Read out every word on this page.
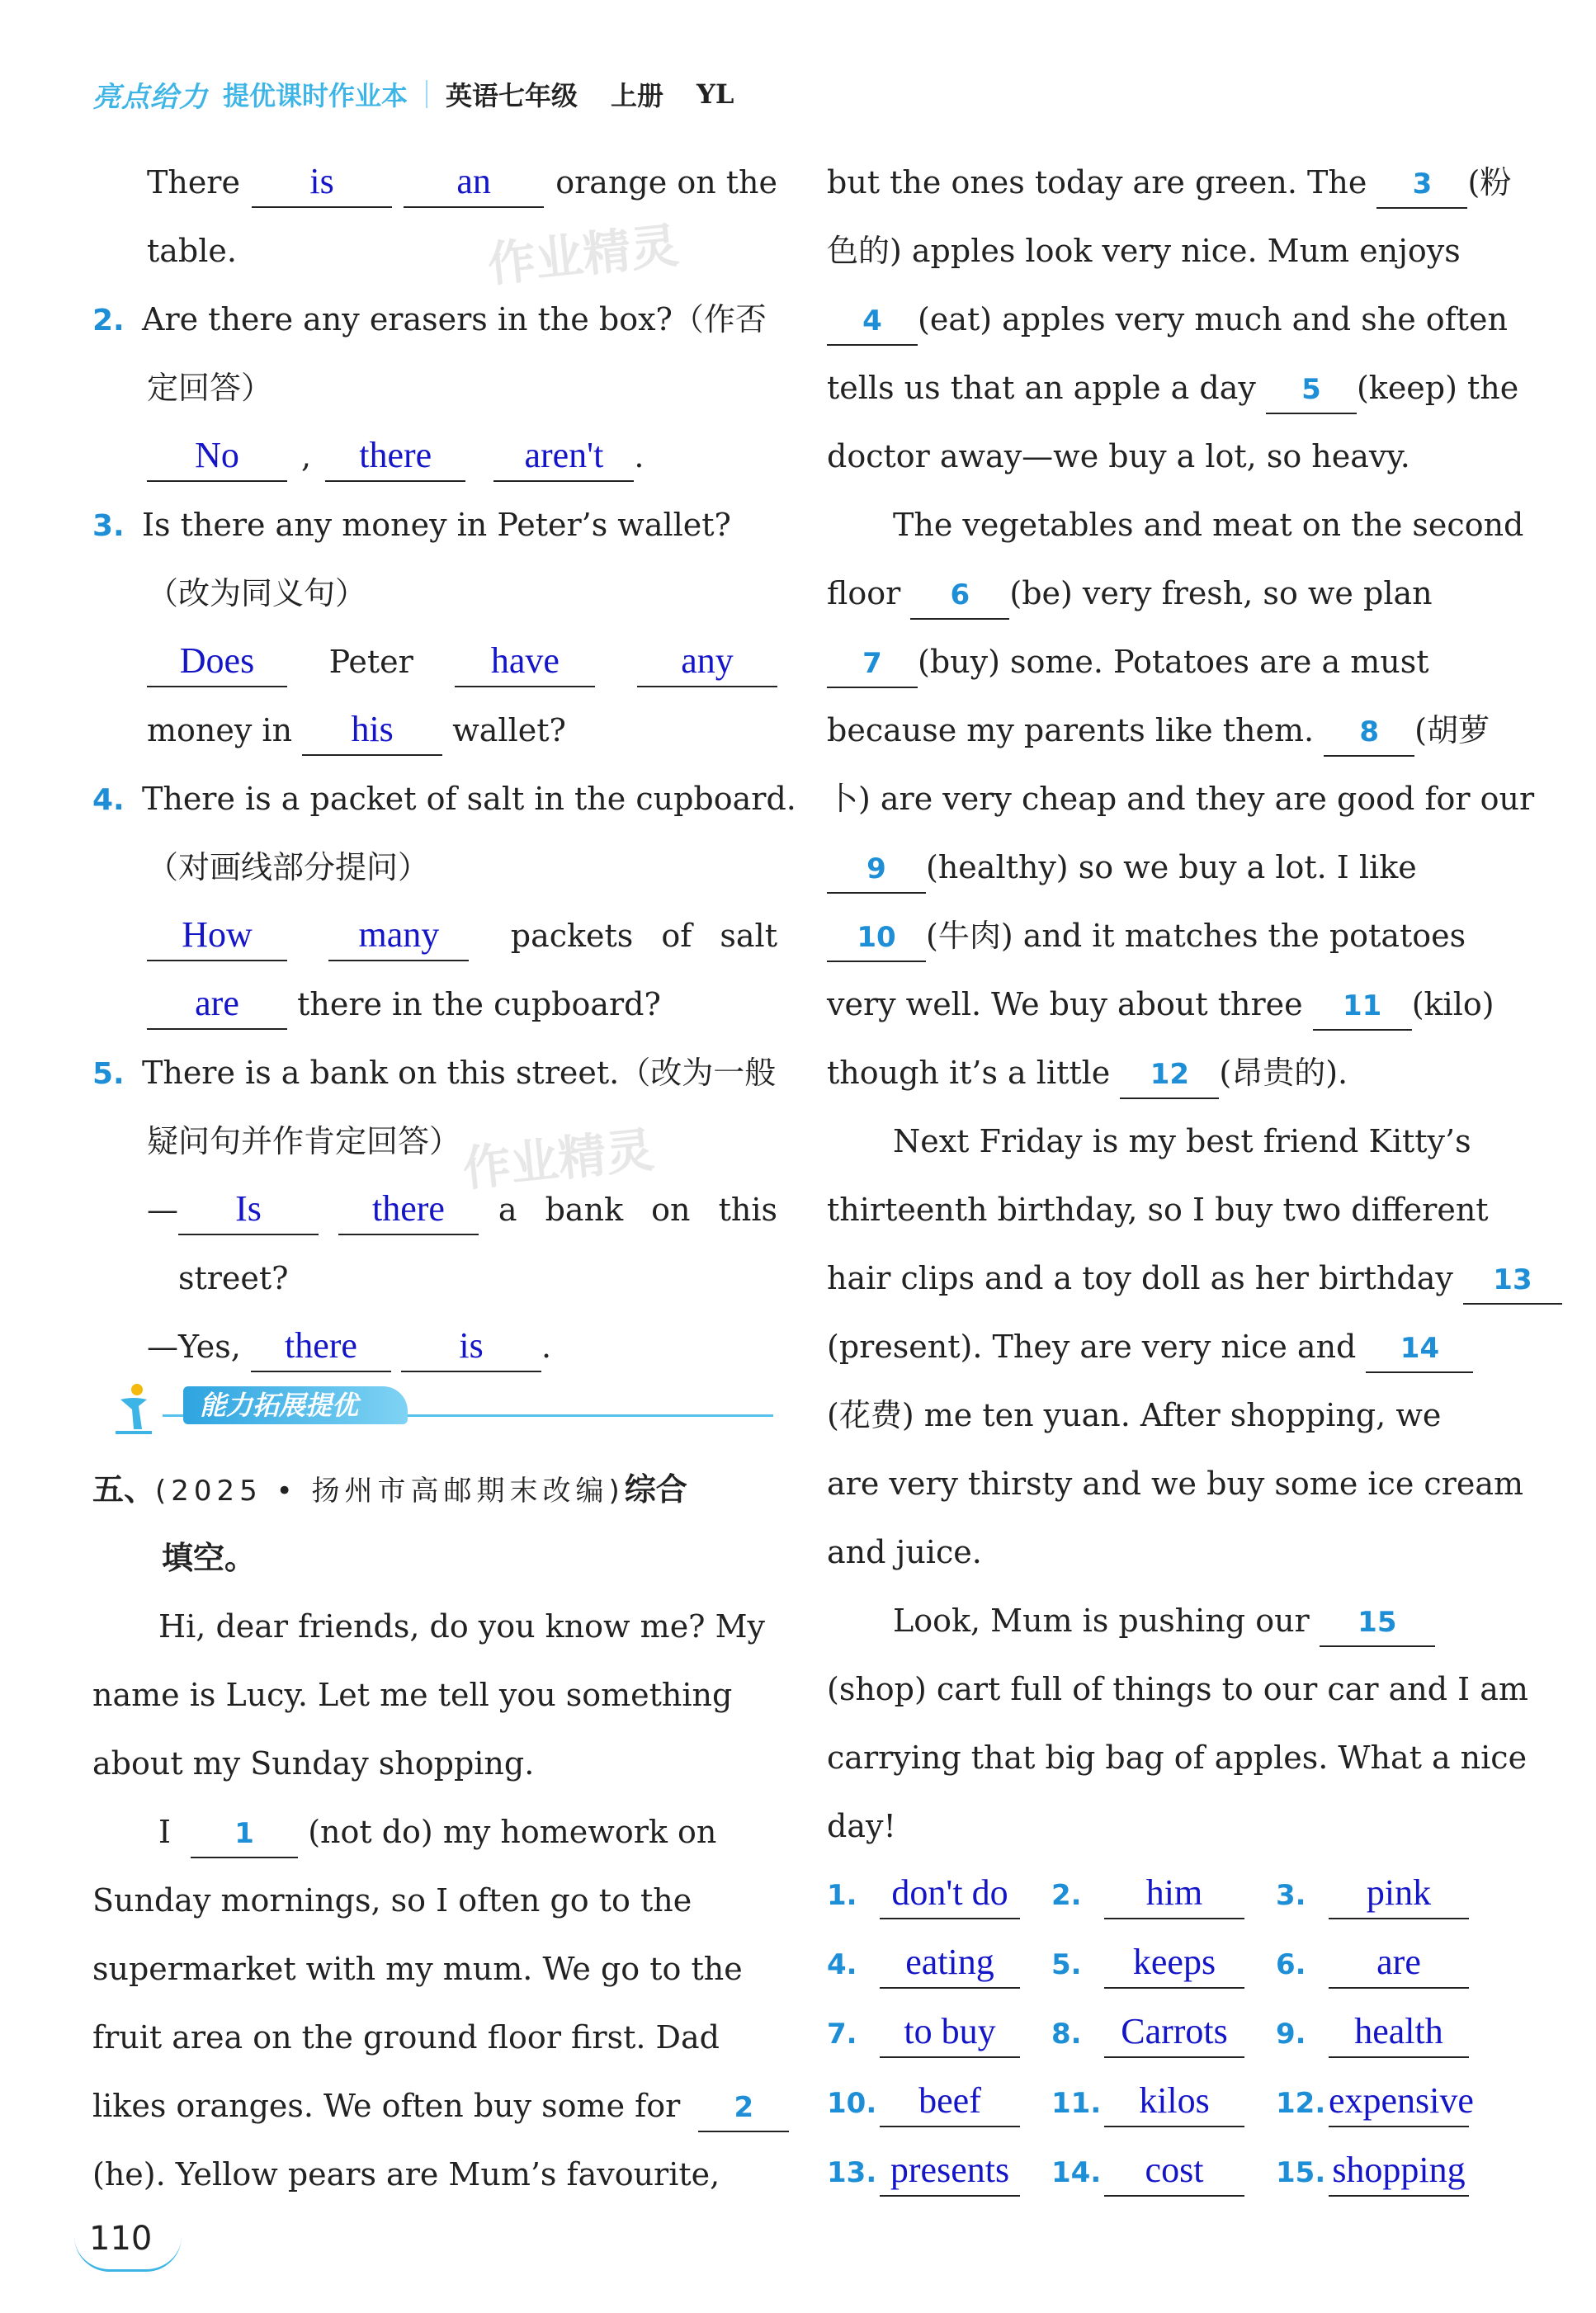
亮点给力 提优课时作业本 英语七年级 上册 YL
作业精灵
作业精灵
There	is	an	orange on the
table.
2. Are there any erasers in the box?（作否
定回答）
No , there	aren't .
3. Is there any money in Peter’s wallet?
（改为同义句）
Does	Peter	have	any
money in his wallet?
4. There is a packet of salt in the cupboard.
（对画线部分提问）
How	many	packets of salt
are there in the cupboard?
5. There is a bank on this street.（改为一般
疑问句并作肯定回答）
— Is	there	a bank on this
street?
—Yes, there	is .
能力拓展提优
五、 (2025 • 扬州市高邮期末改编) 综合
填空。
Hi, dear friends, do you know me? My
name is Lucy. Let me tell you something
about my Sunday shopping.
I 1 (not do) my homework on
Sunday mornings, so I often go to the
supermarket with my mum. We go to the
fruit area on the ground floor first. Dad
likes oranges. We often buy some for 2
(he). Yellow pears are Mum’s favourite,
but the ones today are green. The 3 (粉
色的) apples look very nice. Mum enjoys
4 (eat) apples very much and she often
tells us that an apple a day 5 (keep) the
doctor away—we buy a lot, so heavy.
The vegetables and meat on the second
floor 6 (be) very fresh, so we plan
7 (buy) some. Potatoes are a must
because my parents like them. 8 (胡萝
卜) are very cheap and they are good for our
9 (healthy) so we buy a lot. I like
10 (牛肉) and it matches the potatoes
very well. We buy about three 11 (kilo)
though it’s a little 12 (昂贵的).
Next Friday is my best friend Kitty’s
thirteenth birthday, so I buy two different
hair clips and a toy doll as her birthday 13
(present). They are very nice and 14
(花费) me ten yuan. After shopping, we
are very thirsty and we buy some ice cream
and juice.
Look, Mum is pushing our 15
(shop) cart full of things to our car and I am
carrying that big bag of apples. What a nice
day!
1. don't do	2.	him	3.	pink
4.	eating	5.	keeps	6.	are
7.	to buy	8.	Carrots	9.	health
10.	beef	11.	kilos	12. expensive
13. presents	14.	cost	15. shopping
110
